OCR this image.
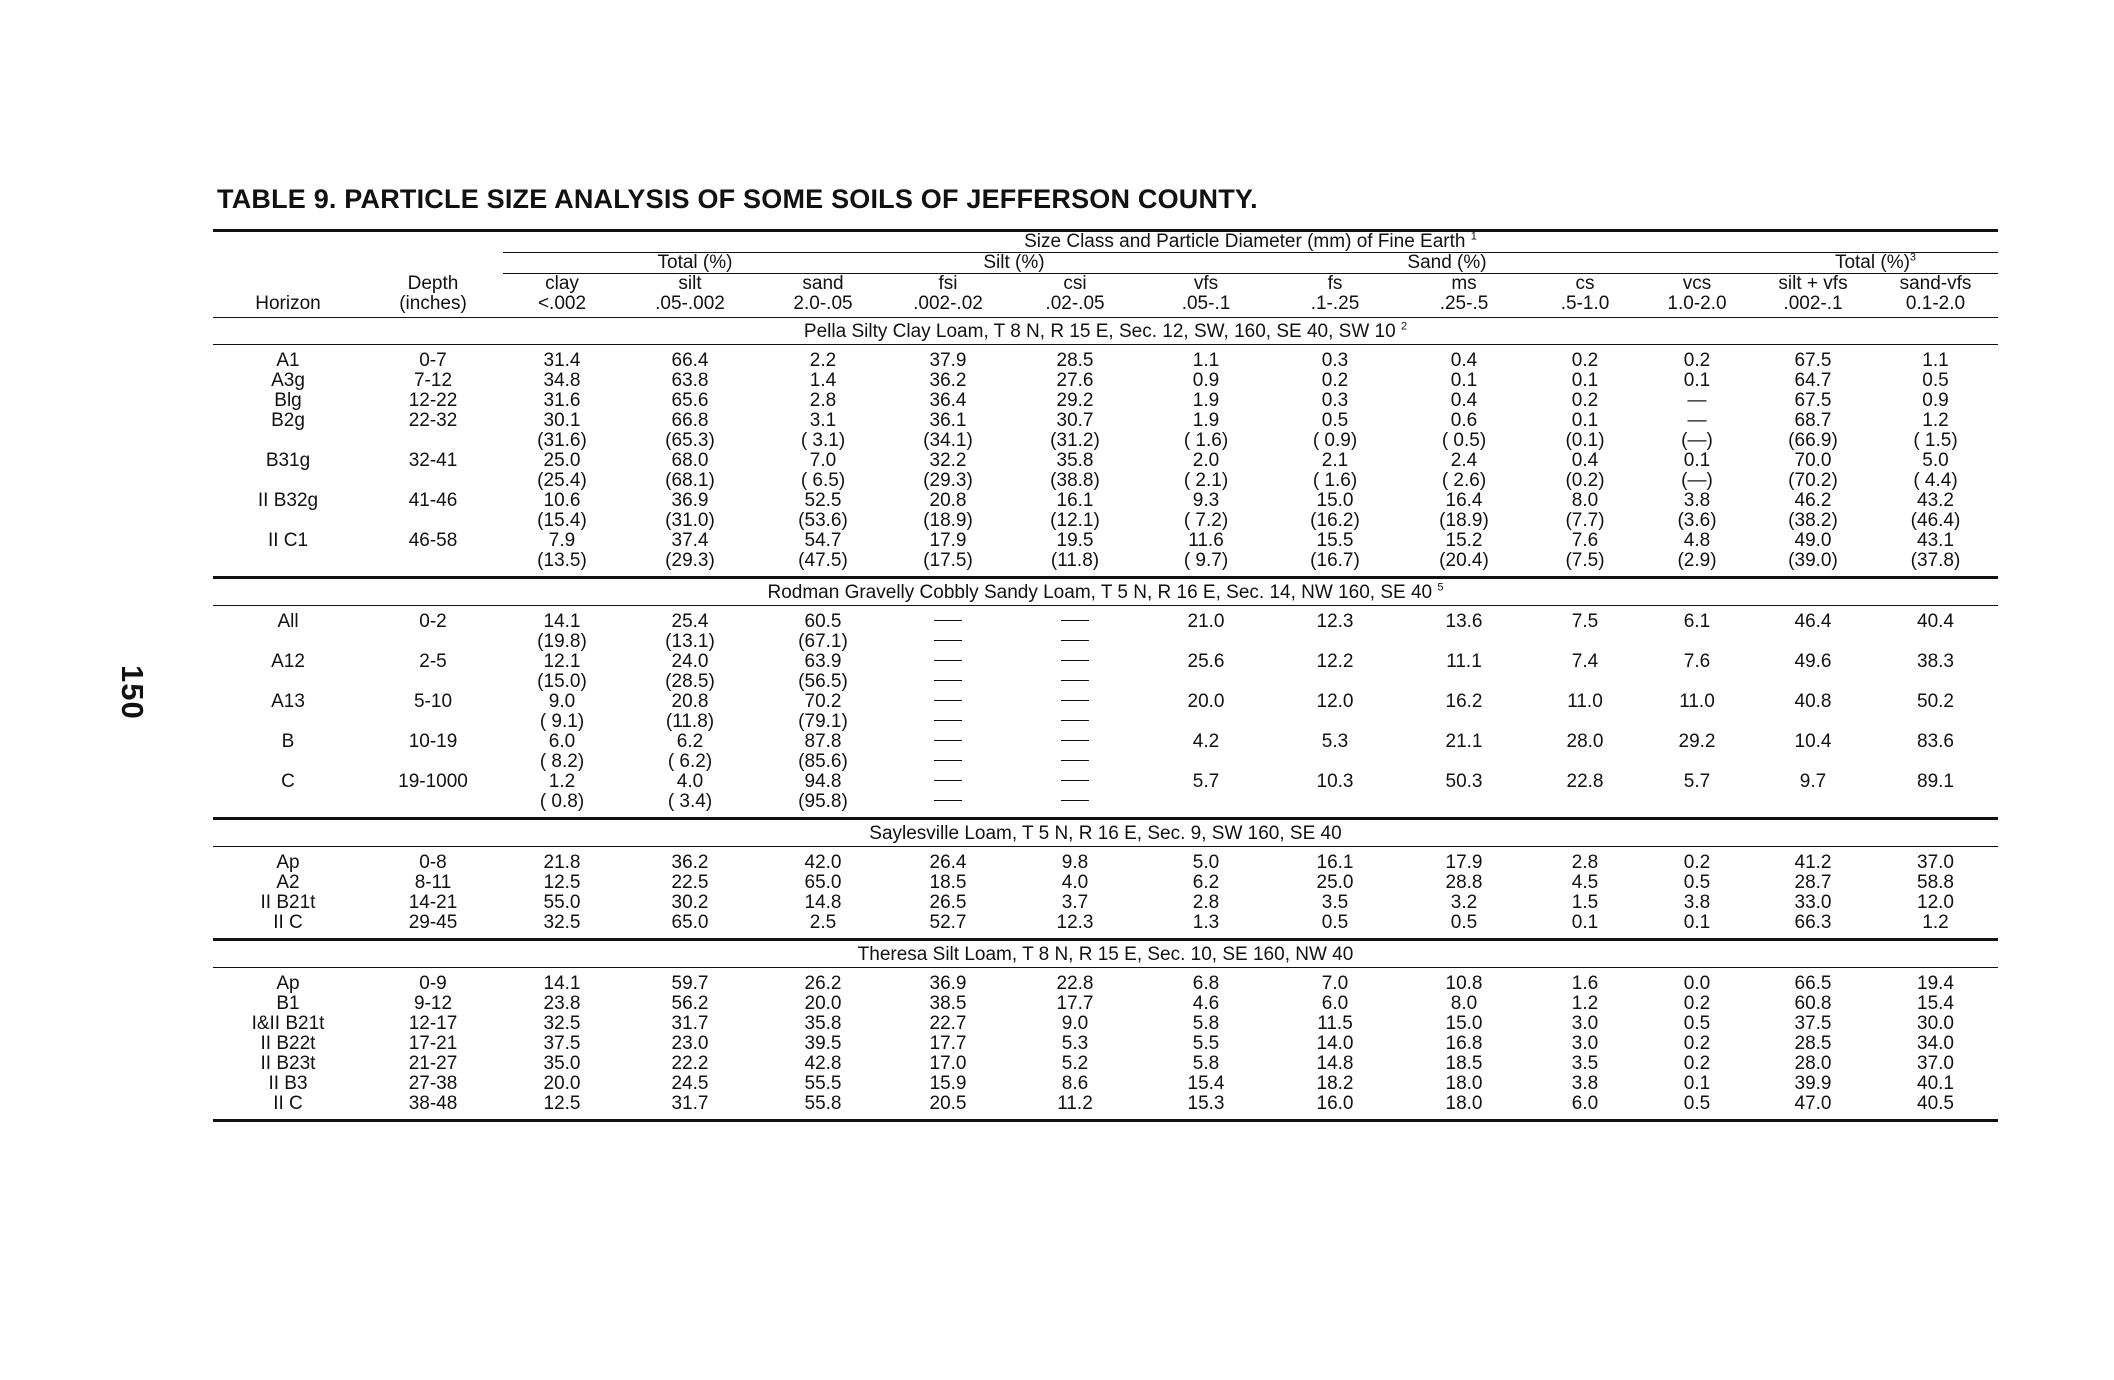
150
TABLE 9. PARTICLE SIZE ANALYSIS OF SOME SOILS OF JEFFERSON COUNTY.

		Size Class and Particle Diameter (mm) of Fine Earth $^1$
		Total (%)			Silt (%)		Sand (%)					Total (%)$^3$
	Depth	clay	silt	sand	fsi	csi	vfs	fs	ms	cs	vcs	silt + vfs	sand-vfs
Horizon	(inches)	<.002	.05-.002	2.0-.05	.002-.02	.02-.05	.05-.1	.1-.25	.25-.5	.5-1.0	1.0-2.0	.002-.1	0.1-2.0

Pella Silty Clay Loam, T 8 N, R 15 E, Sec. 12, SW, 160, SE 40, SW 10 $^2$

A1	0-7	31.4	66.4	2.2	37.9	28.5	1.1	0.3	0.4	0.2	0.2	67.5	1.1
A3g	7-12	34.8	63.8	1.4	36.2	27.6	0.9	0.2	0.1	0.1	0.1	64.7	0.5
Blg	12-22	31.6	65.6	2.8	36.4	29.2	1.9	0.3	0.4	0.2	—	67.5	0.9
B2g	22-32	30.1	66.8	3.1	36.1	30.7	1.9	0.5	0.6	0.1	—	68.7	1.2
		(31.6)	(65.3)	( 3.1)	(34.1)	(31.2)	( 1.6)	( 0.9)	( 0.5)	(0.1)	(—)	(66.9)	( 1.5)
B31g	32-41	25.0	68.0	7.0	32.2	35.8	2.0	2.1	2.4	0.4	0.1	70.0	5.0
		(25.4)	(68.1)	( 6.5)	(29.3)	(38.8)	( 2.1)	( 1.6)	( 2.6)	(0.2)	(—)	(70.2)	( 4.4)
II B32g	41-46	10.6	36.9	52.5	20.8	16.1	9.3	15.0	16.4	8.0	3.8	46.2	43.2
		(15.4)	(31.0)	(53.6)	(18.9)	(12.1)	( 7.2)	(16.2)	(18.9)	(7.7)	(3.6)	(38.2)	(46.4)
II C1	46-58	7.9	37.4	54.7	17.9	19.5	11.6	15.5	15.2	7.6	4.8	49.0	43.1
		(13.5)	(29.3)	(47.5)	(17.5)	(11.8)	( 9.7)	(16.7)	(20.4)	(7.5)	(2.9)	(39.0)	(37.8)

Rodman Gravelly Cobbly Sandy Loam, T 5 N, R 16 E, Sec. 14, NW 160, SE 40 $^5$

All	0-2	14.1	25.4	60.5			21.0	12.3	13.6	7.5	6.1	46.4	40.4
		(19.8)	(13.1)	(67.1)									
A12	2-5	12.1	24.0	63.9			25.6	12.2	11.1	7.4	7.6	49.6	38.3
		(15.0)	(28.5)	(56.5)									
A13	5-10	9.0	20.8	70.2			20.0	12.0	16.2	11.0	11.0	40.8	50.2
		( 9.1)	(11.8)	(79.1)									
B	10-19	6.0	6.2	87.8			4.2	5.3	21.1	28.0	29.2	10.4	83.6
		( 8.2)	( 6.2)	(85.6)									
C	19-1000	1.2	4.0	94.8			5.7	10.3	50.3	22.8	5.7	9.7	89.1
		( 0.8)	( 3.4)	(95.8)									

Saylesville Loam, T 5 N, R 16 E, Sec. 9, SW 160, SE 40													

Ap	0-8	21.8	36.2	42.0	26.4	9.8	5.0	16.1	17.9	2.8	0.2	41.2	37.0
A2	8-11	12.5	22.5	65.0	18.5	4.0	6.2	25.0	28.8	4.5	0.5	28.7	58.8
II B21t	14-21	55.0	30.2	14.8	26.5	3.7	2.8	3.5	3.2	1.5	3.8	33.0	12.0
II C	29-45	32.5	65.0	2.5	52.7	12.3	1.3	0.5	0.5	0.1	0.1	66.3	1.2

Theresa Silt Loam, T 8 N, R 15 E, Sec. 10, SE 160, NW 40													

Ap	0-9	14.1	59.7	26.2	36.9	22.8	6.8	7.0	10.8	1.6	0.0	66.5	19.4
B1	9-12	23.8	56.2	20.0	38.5	17.7	4.6	6.0	8.0	1.2	0.2	60.8	15.4
I&II B21t	12-17	32.5	31.7	35.8	22.7	9.0	5.8	11.5	15.0	3.0	0.5	37.5	30.0
II B22t	17-21	37.5	23.0	39.5	17.7	5.3	5.5	14.0	16.8	3.0	0.2	28.5	34.0
II B23t	21-27	35.0	22.2	42.8	17.0	5.2	5.8	14.8	18.5	3.5	0.2	28.0	37.0
II B3	27-38	20.0	24.5	55.5	15.9	8.6	15.4	18.2	18.0	3.8	0.1	39.9	40.1
II C	38-48	12.5	31.7	55.8	20.5	11.2	15.3	16.0	18.0	6.0	0.5	47.0	40.5
